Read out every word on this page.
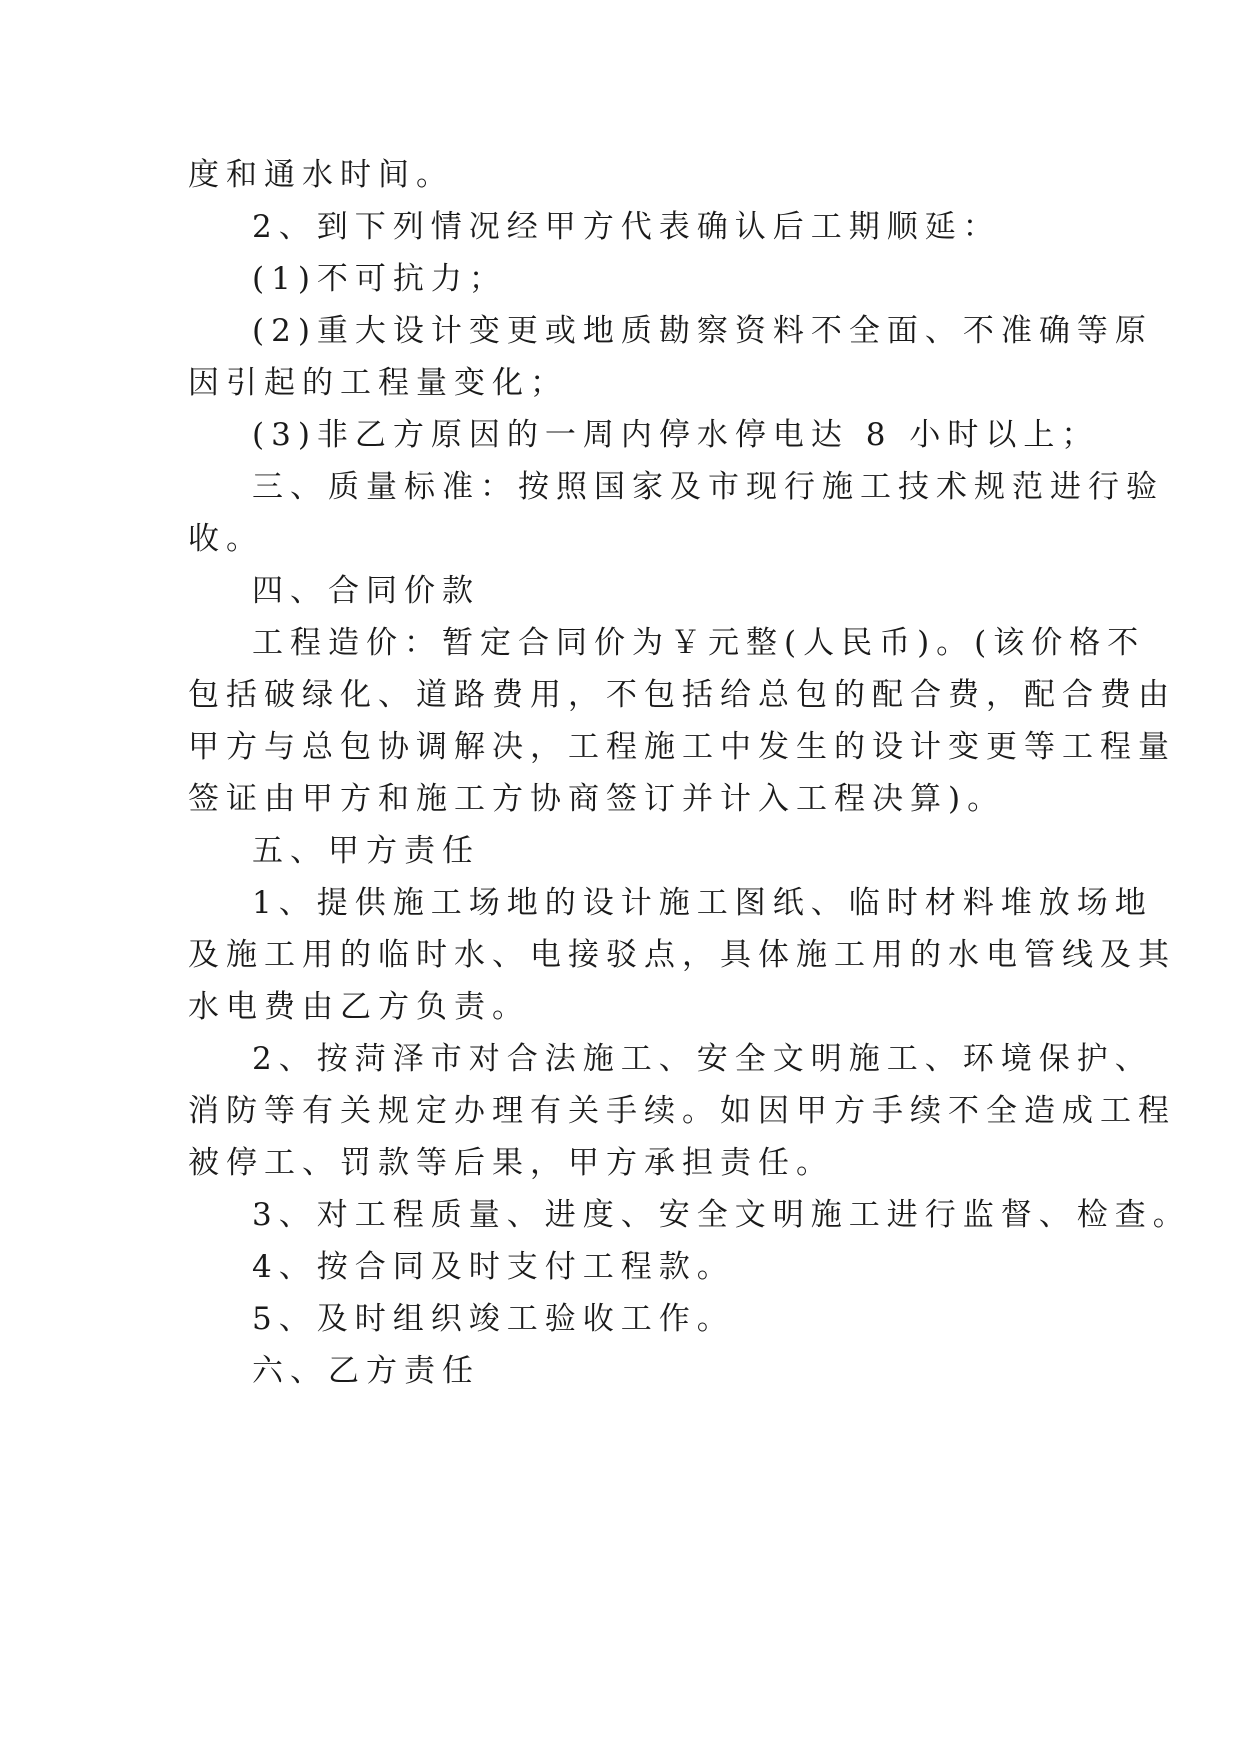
度和通水时间。
2、到下列情况经甲方代表确认后工期顺延：
(1)不可抗力；
(2)重大设计变更或地质勘察资料不全面、不准确等原
因引起的工程量变化；
(3)非乙方原因的一周内停水停电达 8 小时以上；
三、质量标准：按照国家及市现行施工技术规范进行验
收。
四、合同价款
工程造价：暂定合同价为￥元整(人民币)。(该价格不
包括破绿化、道路费用，不包括给总包的配合费，配合费由
甲方与总包协调解决，工程施工中发生的设计变更等工程量
签证由甲方和施工方协商签订并计入工程决算)。
五、甲方责任
1、提供施工场地的设计施工图纸、临时材料堆放场地
及施工用的临时水、电接驳点，具体施工用的水电管线及其
水电费由乙方负责。
2、按菏泽市对合法施工、安全文明施工、环境保护、
消防等有关规定办理有关手续。如因甲方手续不全造成工程
被停工、罚款等后果，甲方承担责任。
3、对工程质量、进度、安全文明施工进行监督、检查。
4、按合同及时支付工程款。
5、及时组织竣工验收工作。
六、乙方责任
